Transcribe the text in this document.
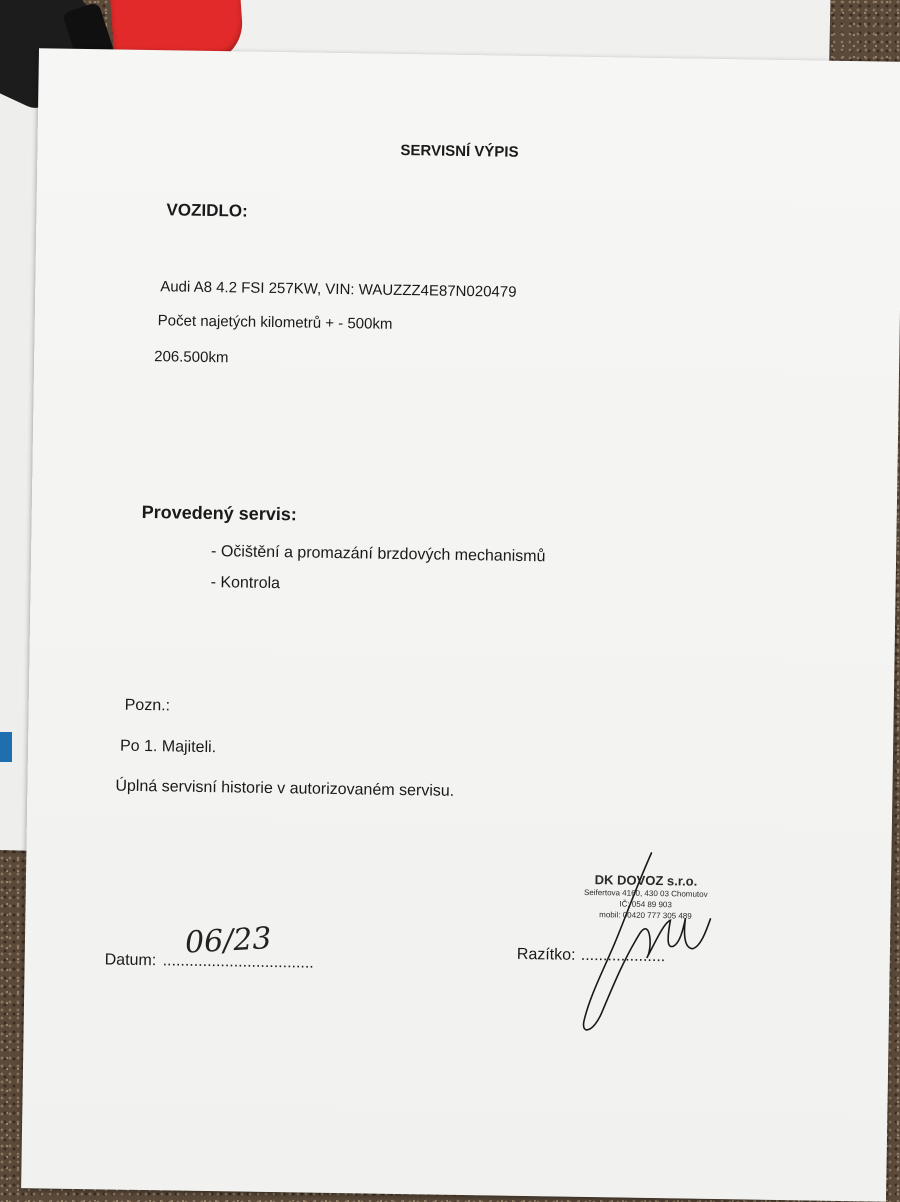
SERVISNÍ VÝPIS
VOZIDLO:
Audi A8 4.2 FSI 257KW, VIN: WAUZZZ4E87N020479
Počet najetých kilometrů + - 500km
206.500km
Provedený servis:
- Očištění a promazání brzdových mechanismů
- Kontrola
Pozn.:
Po 1. Majiteli.
Úplná servisní historie v autorizovaném servisu.
Datum: ..................................
06/23
DK DOVOZ s.r.o.
Seifertova 4160, 430 03 Chomutov
IČ: 054 89 903
mobil: 00420 777 305 489
Razítko: ...................
